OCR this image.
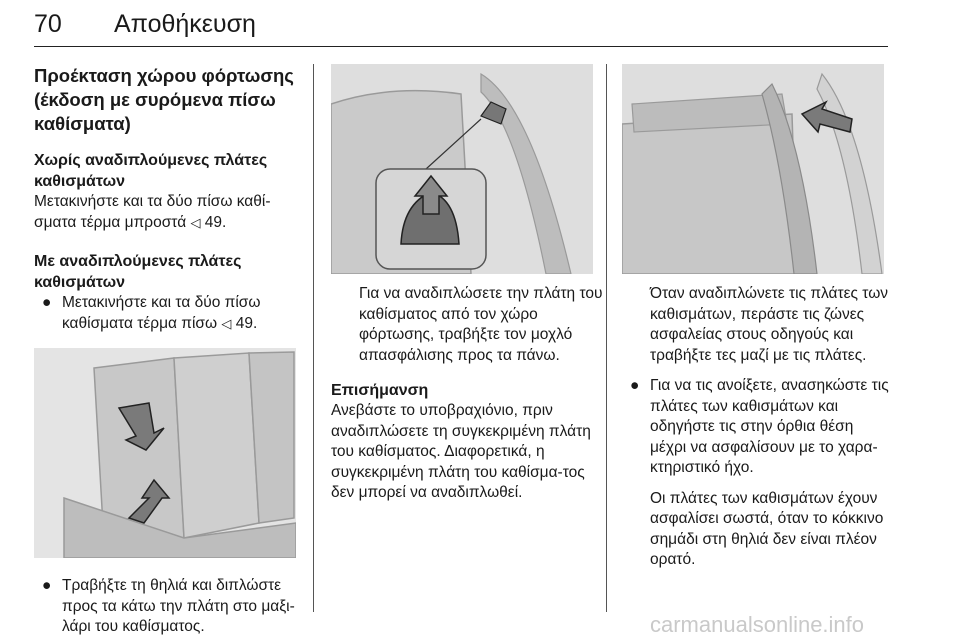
70 Αποθήκευση
Προέκταση χώρου φόρτωσης (έκδοση με συρόμενα πίσω καθίσματα)
Χωρίς αναδιπλούμενες πλάτες καθισμάτων

Μετακινήστε και τα δύο πίσω καθί-σματα τέρμα μπροστά ◁ 49.

Με αναδιπλούμενες πλάτες καθισμάτων
● Μετακινήστε και τα δύο πίσω καθίσματα τέρμα πίσω ◁ 49.
● Τραβήξτε τη θηλιά και διπλώστε προς τα κάτω την πλάτη στο μαξι-λάρι του καθίσματος.

Για να αναδιπλώσετε την πλάτη του καθίσματος από τον χώρο φόρτωσης, τραβήξτε τον μοχλό απασφάλισης προς τα πάνω.

Επισήμανση

Ανεβάστε το υποβραχιόνιο, πριν αναδιπλώσετε τη συγκεκριμένη πλάτη του καθίσματος. Διαφορετικά, η συγκεκριμένη πλάτη του καθίσμα-τος δεν μπορεί να αναδιπλωθεί.

Όταν αναδιπλώνετε τις πλάτες των καθισμάτων, περάστε τις ζώνες ασφαλείας στους οδηγούς και τραβήξτε τες μαζί με τις πλάτες.

● Για να τις ανοίξετε, ανασηκώστε τις πλάτες των καθισμάτων και οδηγήστε τις στην όρθια θέση μέχρι να ασφαλίσουν με το χαρα-κτηριστικό ήχο.

Οι πλάτες των καθισμάτων έχουν ασφαλίσει σωστά, όταν το κόκκινο σημάδι στη θηλιά δεν είναι πλέον ορατό.

carmanualsonline.info
